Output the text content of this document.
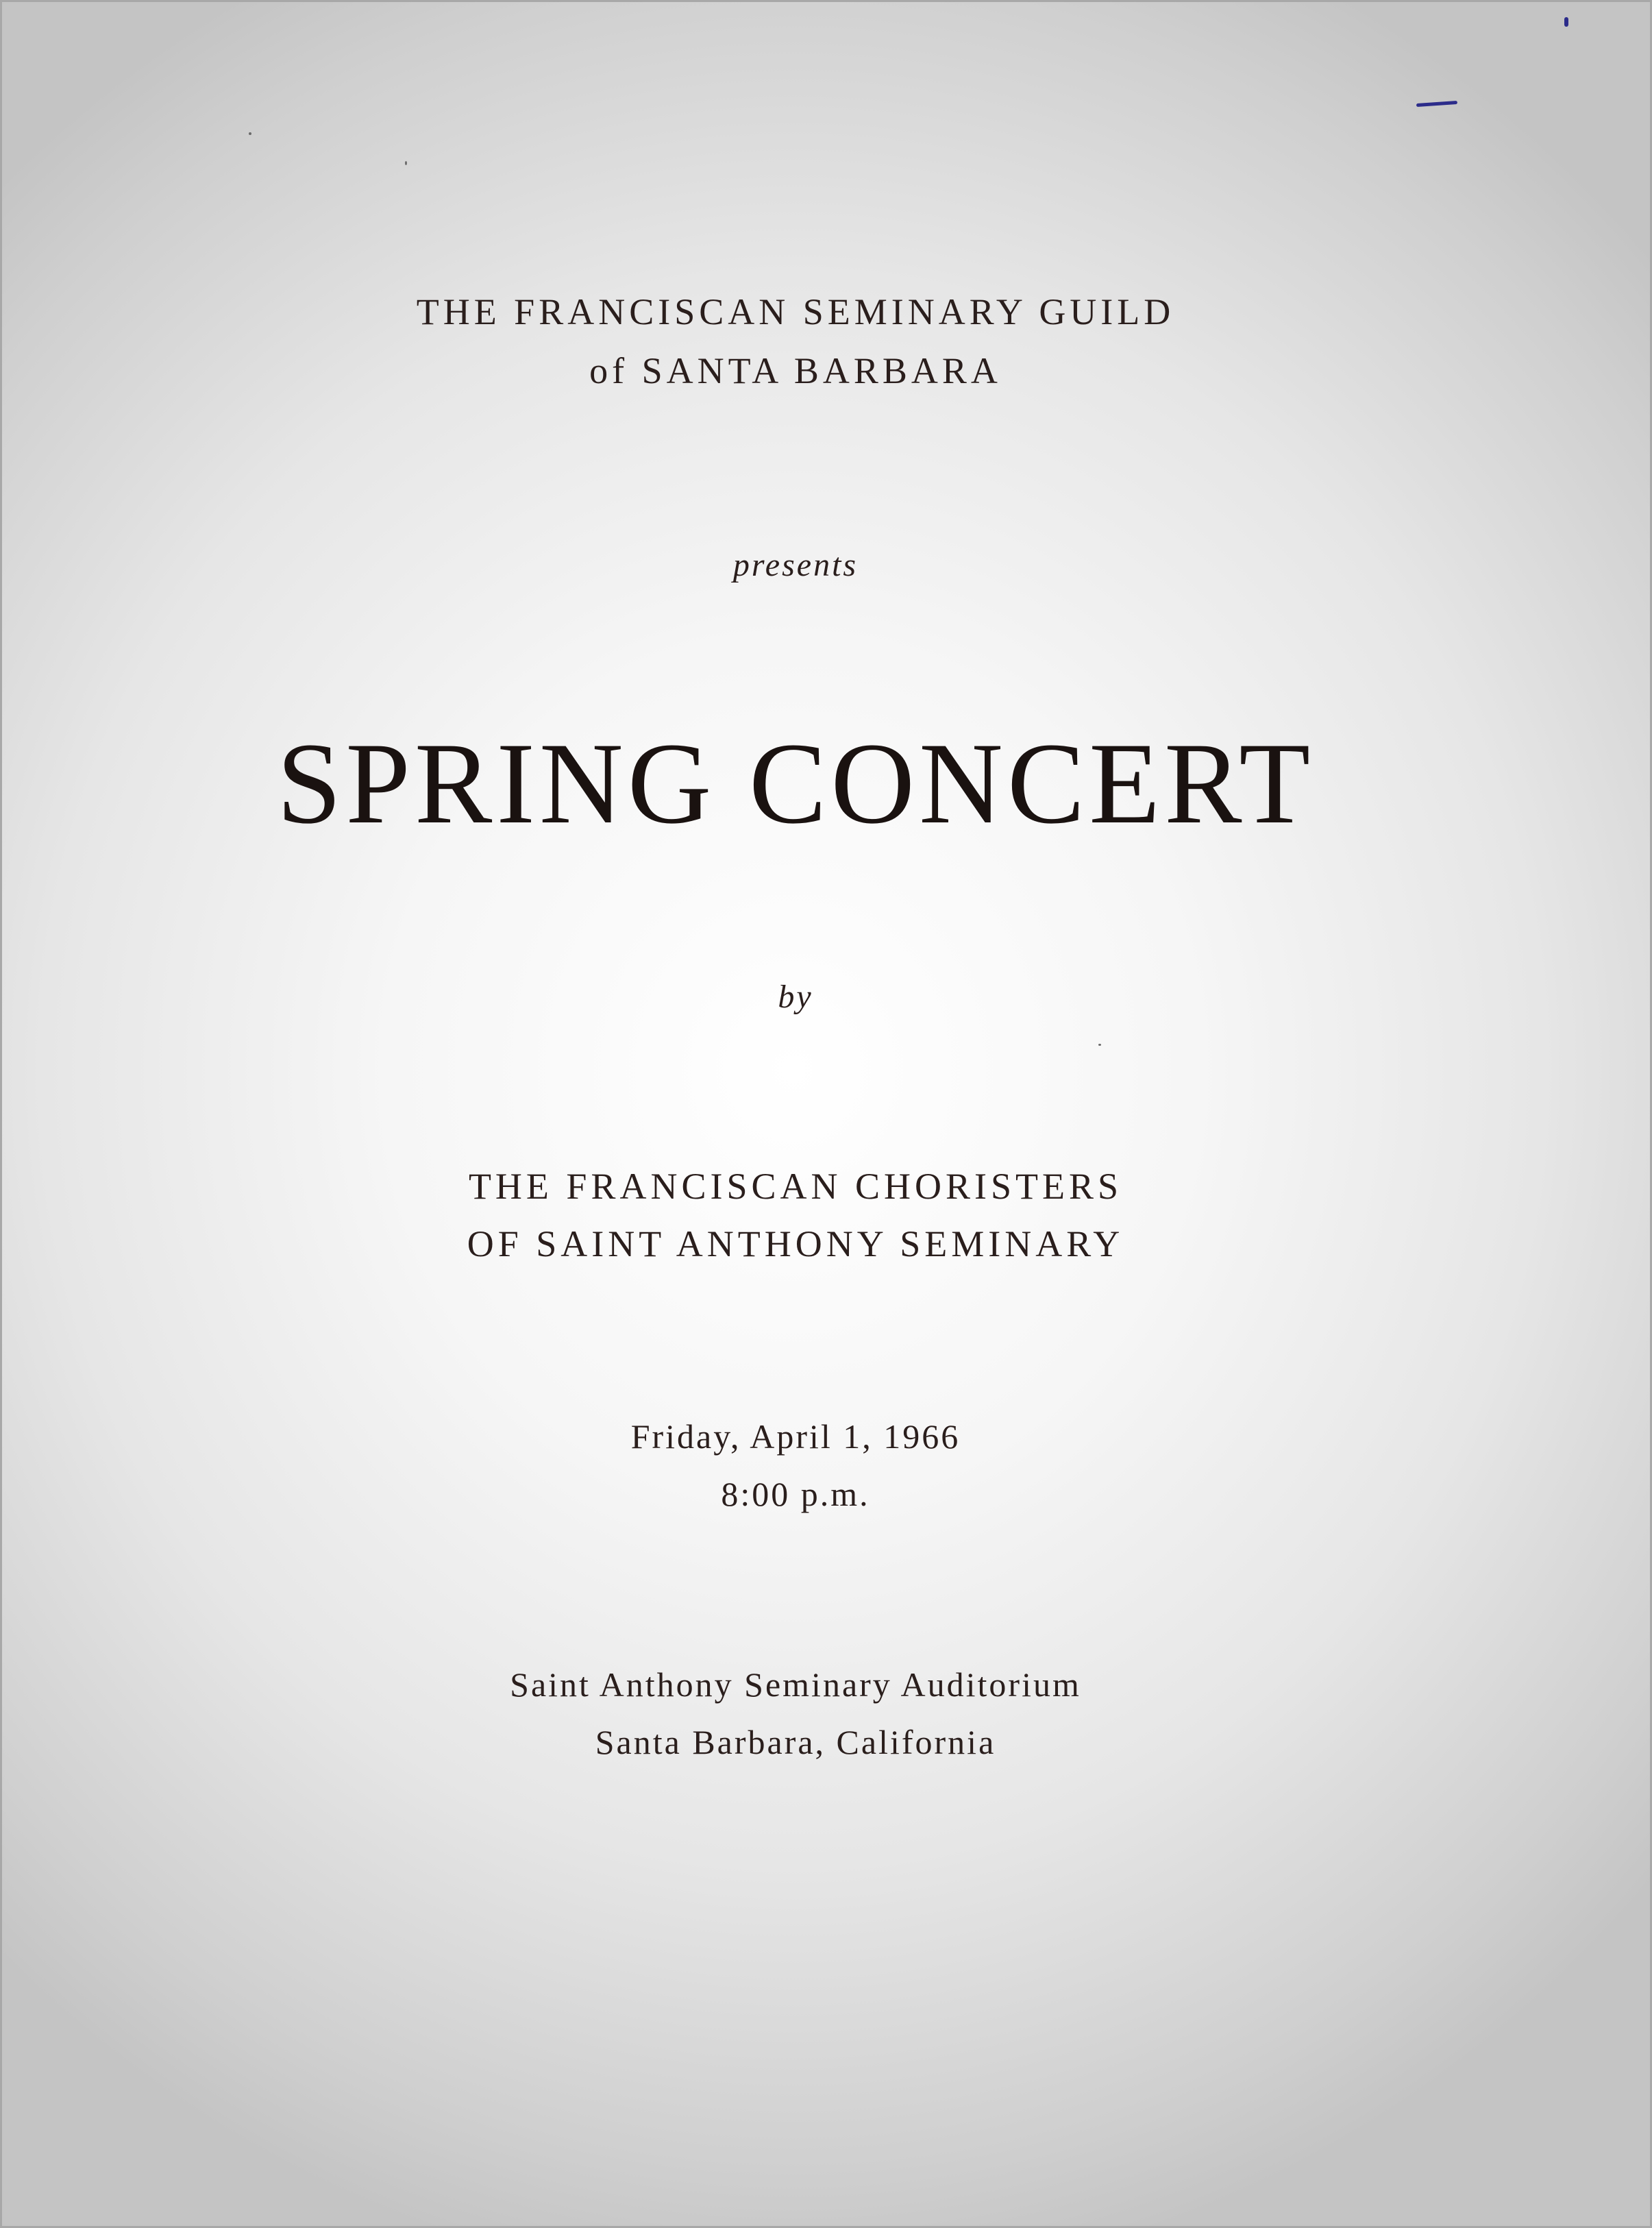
THE FRANCISCAN SEMINARY GUILD
of SANTA BARBARA
presents
SPRING CONCERT
by
THE FRANCISCAN CHORISTERS
OF SAINT ANTHONY SEMINARY
Friday, April 1, 1966
8:00 p.m.
Saint Anthony Seminary Auditorium
Santa Barbara, California
